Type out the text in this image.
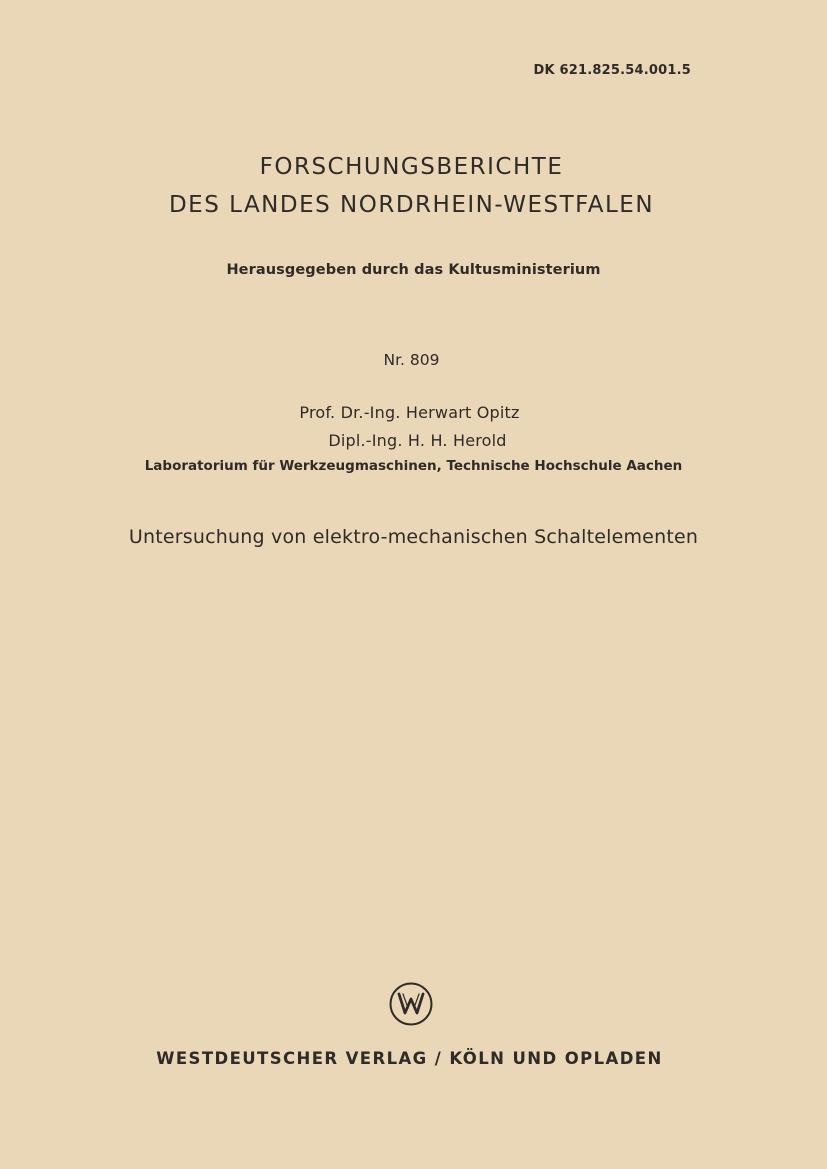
DK 621.825.54.001.5
FORSCHUNGSBERICHTE
DES LANDES NORDRHEIN-WESTFALEN
Herausgegeben durch das Kultusministerium
Nr. 809
Prof. Dr.-Ing. Herwart Opitz
Dipl.-Ing. H. H. Herold
Laboratorium für Werkzeugmaschinen, Technische Hochschule Aachen
Untersuchung von elektro-mechanischen Schaltelementen
WESTDEUTSCHER VERLAG / KÖLN UND OPLADEN
